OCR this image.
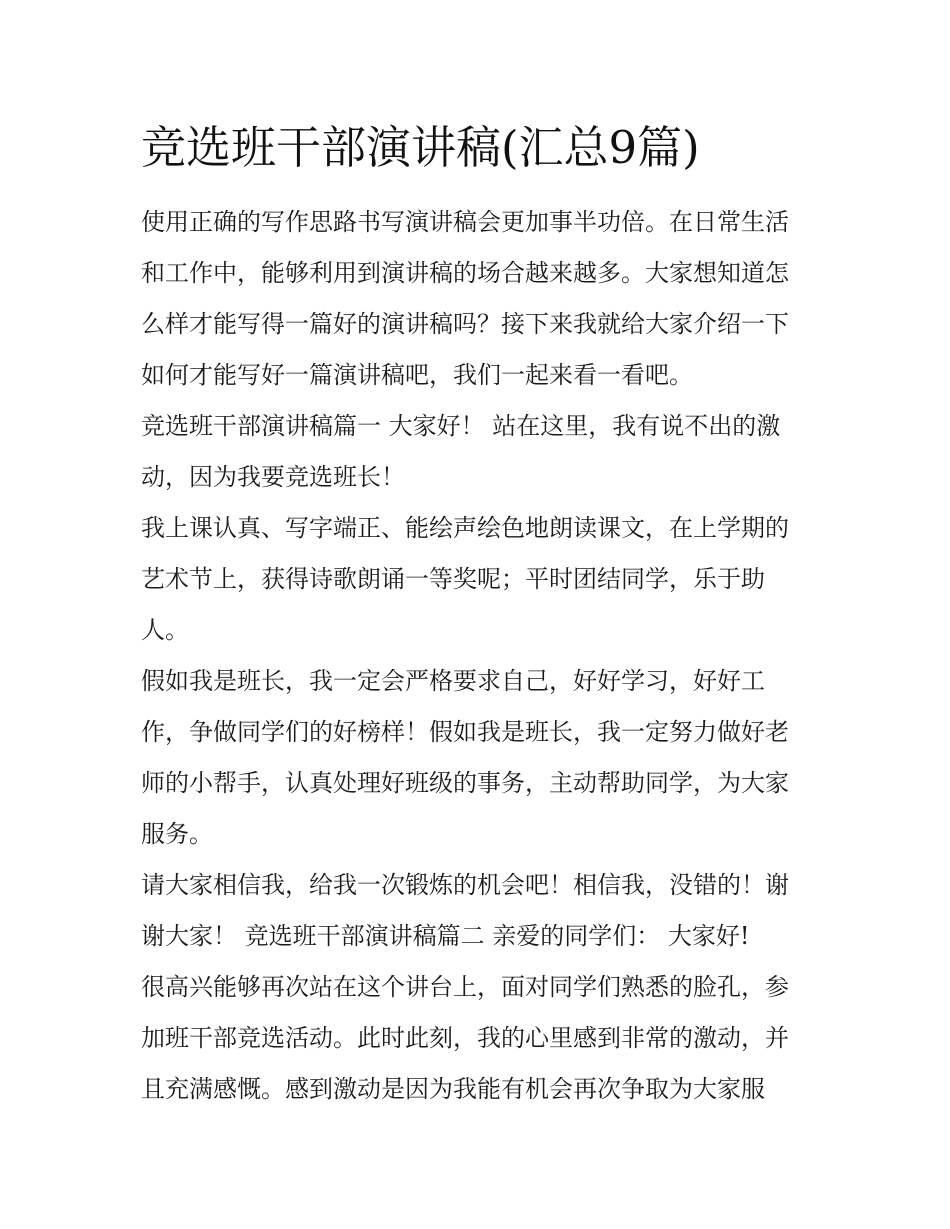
竞选班干部演讲稿(汇总9篇)
使用正确的写作思路书写演讲稿会更加事半功倍。在日常生活
和工作中，能够利用到演讲稿的场合越来越多。大家想知道怎
么样才能写得一篇好的演讲稿吗？接下来我就给大家介绍一下
如何才能写好一篇演讲稿吧，我们一起来看一看吧。
竞选班干部演讲稿篇一 大家好！ 站在这里，我有说不出的激
动，因为我要竞选班长！
我上课认真、写字端正、能绘声绘色地朗读课文，在上学期的
艺术节上，获得诗歌朗诵一等奖呢；平时团结同学，乐于助
人。
假如我是班长，我一定会严格要求自己，好好学习，好好工
作，争做同学们的好榜样！假如我是班长，我一定努力做好老
师的小帮手，认真处理好班级的事务，主动帮助同学，为大家
服务。
请大家相信我，给我一次锻炼的机会吧！相信我，没错的！谢
谢大家！ 竞选班干部演讲稿篇二 亲爱的同学们： 大家好!
很高兴能够再次站在这个讲台上，面对同学们熟悉的脸孔，参
加班干部竞选活动。此时此刻，我的心里感到非常的激动，并
且充满感慨。感到激动是因为我能有机会再次争取为大家服
